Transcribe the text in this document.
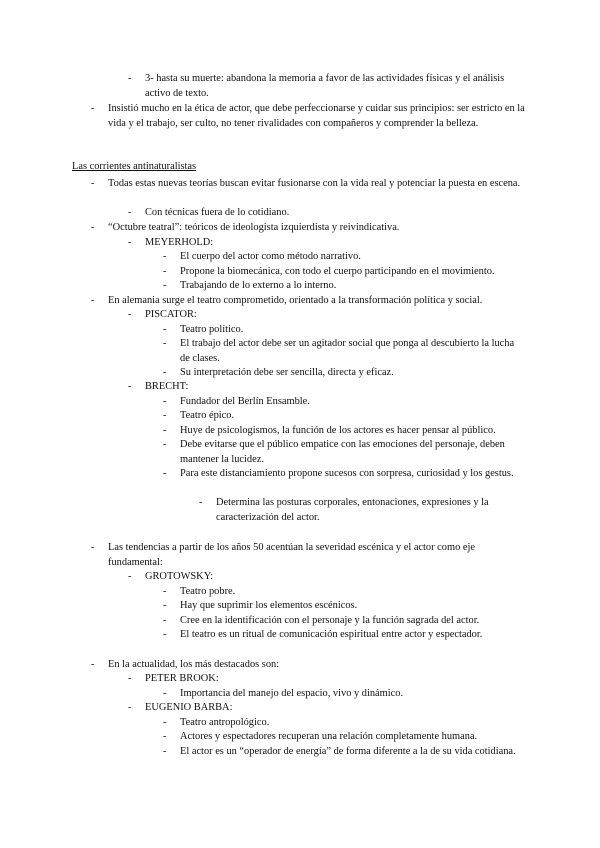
- 3- hasta su muerte: abandona la memoria a favor de las actividades físicas y el análisis activo de texto.
- Insistió mucho en la ética de actor, que debe perfeccionarse y cuidar sus principios: ser estricto en la vida y el trabajo, ser culto, no tener rivalidades con compañeros y comprender la belleza.
Las corrientes antinaturalistas
- Todas estas nuevas teorías buscan evitar fusionarse con la vida real y potenciar la puesta en escena.
- Con técnicas fuera de lo cotidiano.
- “Octubre teatral”: teóricos de ideologista izquierdista y reivindicativa.
- MEYERHOLD:
- El cuerpo del actor como método narrativo.
- Propone la biomecánica, con todo el cuerpo participando en el movimiento.
- Trabajando de lo externo a lo interno.
- En alemania surge el teatro comprometido, orientado a la transformación política y social.
- PISCATOR:
- Teatro político.
- El trabajo del actor debe ser un agitador social que ponga al descubierto la lucha de clases.
- Su interpretación debe ser sencilla, directa y eficaz.
- BRECHT:
- Fundador del Berlín Ensamble.
- Teatro épico.
- Huye de psicologismos, la función de los actores es hacer pensar al público.
- Debe evitarse que el público empatice con las emociones del personaje, deben mantener la lucidez.
- Para este distanciamiento propone sucesos con sorpresa, curiosidad y los gestus.
- Determina las posturas corporales, entonaciones, expresiones y la caracterización del actor.
- Las tendencias a partir de los años 50 acentúan la severidad escénica y el actor como eje fundamental:
- GROTOWSKY:
- Teatro pobre.
- Hay que suprimir los elementos escénicos.
- Cree en la identificación con el personaje y la función sagrada del actor.
- El teatro es un ritual de comunicación espiritual entre actor y espectador.
- En la actualidad, los más destacados son:
- PETER BROOK:
- Importancia del manejo del espacio, vivo y dinámico.
- EUGENIO BARBA:
- Teatro antropológico.
- Actores y espectadores recuperan una relación completamente humana.
- El actor es un “operador de energía” de forma diferente a la de su vida cotidiana.
